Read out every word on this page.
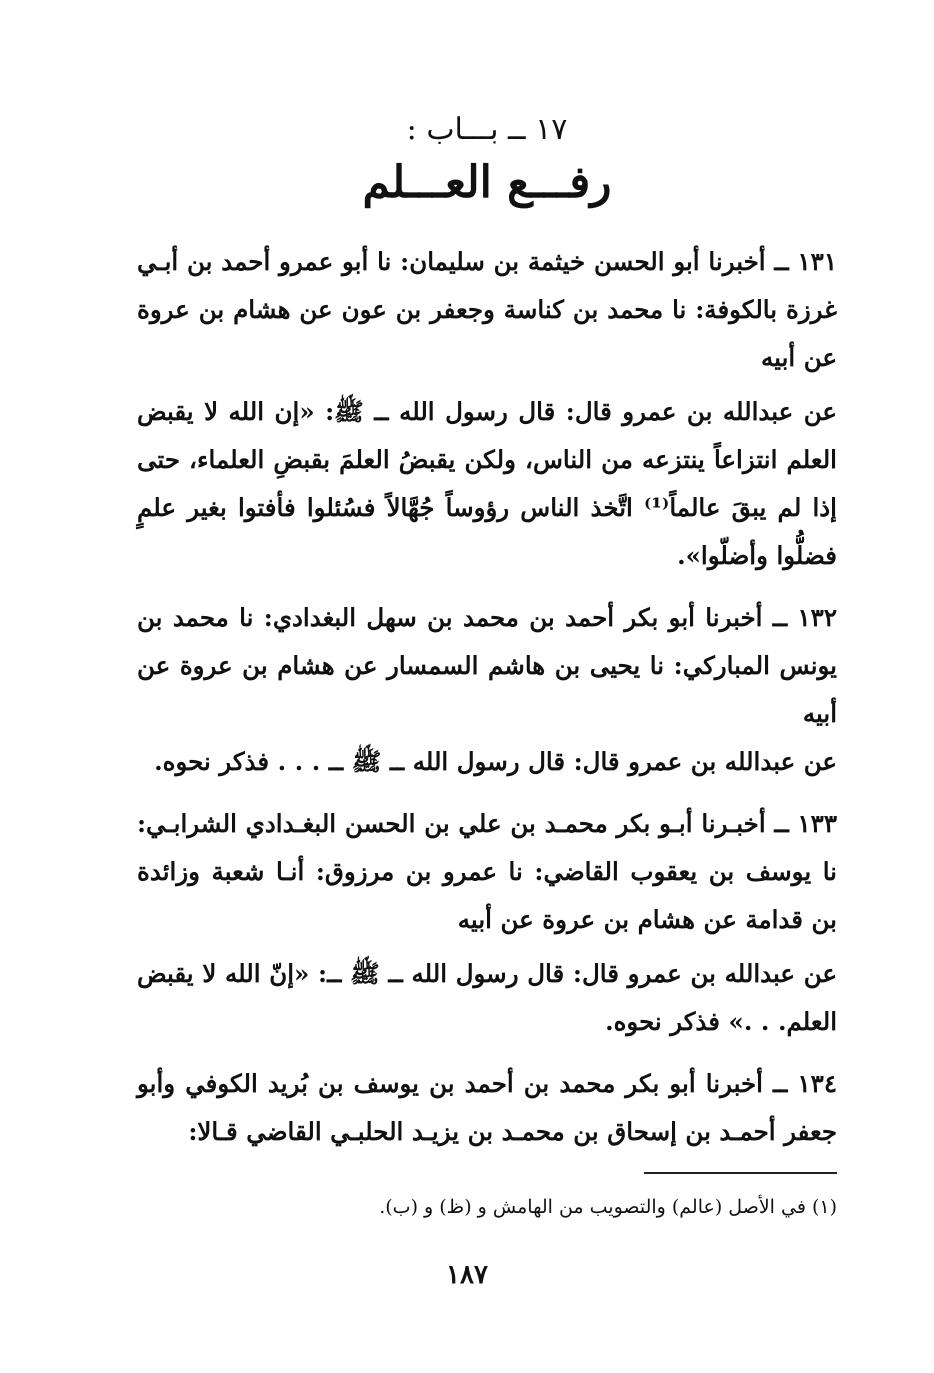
١٧ ــ بـــاب :

رفـــع العـــلم

١٣١ ــ أخبرنا أبو الحسن خيثمة بن سليمان: نا أبو عمرو أحمد بن أبـي غرزة بالكوفة: نا محمد بن كناسة وجعفر بن عون عن هشام بن عروة عن أبيه

عن عبدالله بن عمرو قال: قال رسول الله ــ ﷺ: «إن الله لا يقبض العلم انتزاعاً ينتزعه من الناس، ولكن يقبضُ العلمَ بقبضِ العلماء، حتى إذا لم يبقَ عالماً⁽¹⁾ اتَّخذ الناس رؤوساً جُهَّالاً فسُئلوا فأفتوا بغير علمٍ فضلُّوا وأضلّوا».

١٣٢ ــ أخبرنا أبو بكر أحمد بن محمد بن سهل البغدادي: نا محمد بن يونس المباركي: نا يحيى بن هاشم السمسار عن هشام بن عروة عن أبيه

عن عبدالله بن عمرو قال: قال رسول الله ــ ﷺ ــ . . . فذكر نحوه.

١٣٣ ــ أخبـرنا أبـو بكر محمـد بن علي بن الحسن البغـدادي الشرابـي: نا يوسف بن يعقوب القاضي: نا عمرو بن مرزوق: أنـا شعبة وزائدة بن قدامة عن هشام بن عروة عن أبيه

عن عبدالله بن عمرو قال: قال رسول الله ــ ﷺ ــ: «إنّ الله لا يقبض العلم. . .» فذكر نحوه.

١٣٤ ــ أخبرنا أبو بكر محمد بن أحمد بن يوسف بن بُريد الكوفي وأبو جعفر أحمـد بن إسحاق بن محمـد بن يزيـد الحلبـي القاضي قـالا:

(١) في الأصل (عالم) والتصويب من الهامش و (ظ) و (ب).
١٨٧
